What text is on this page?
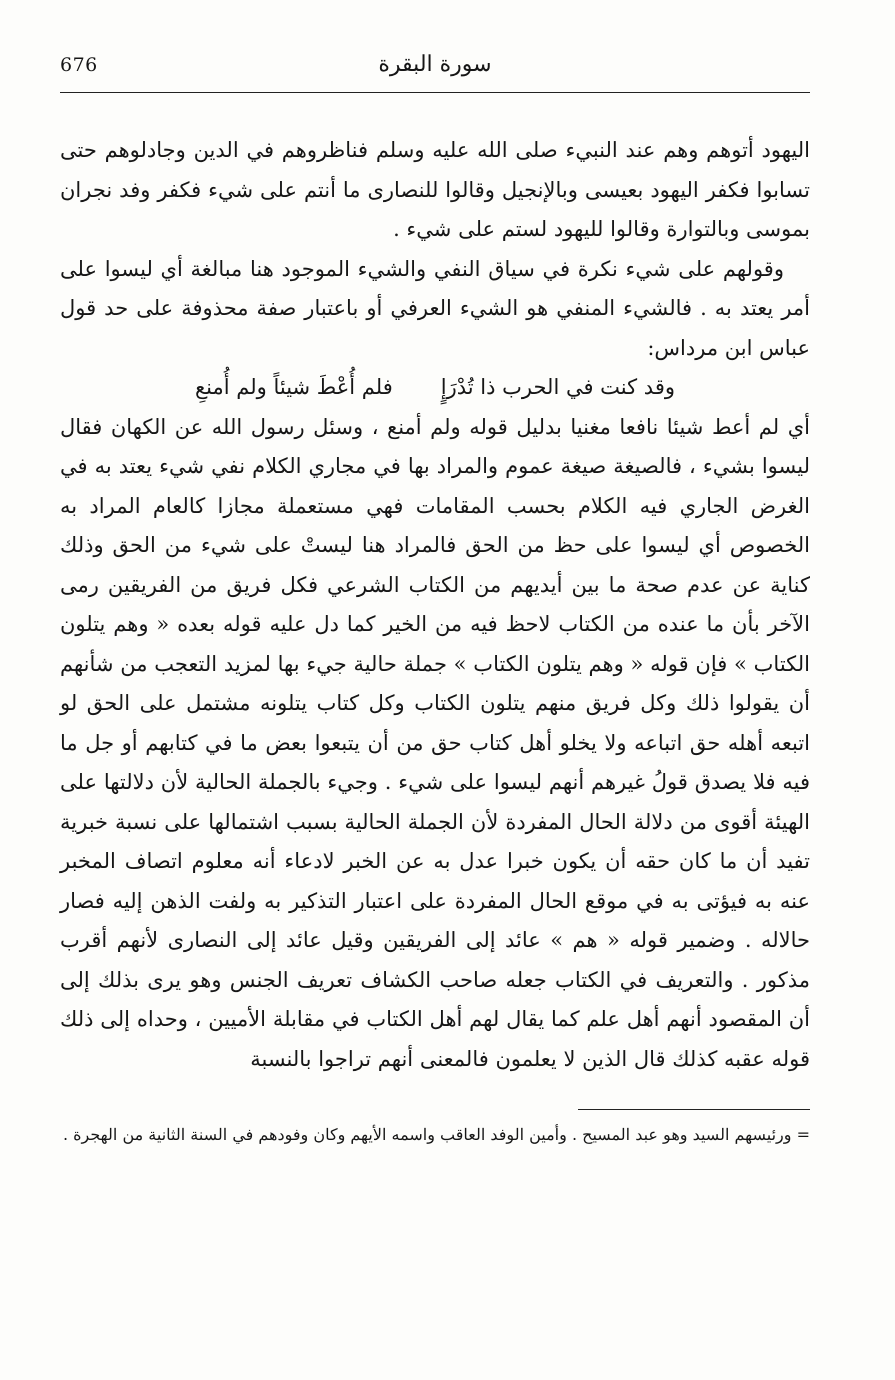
676	سورة البقرة

اليهود أتوهم وهم عند النبيء صلى الله عليه وسلم فناظروهم في الدين وجادلوهم حتى تسابوا فكفر اليهود بعيسى وبالإنجيل وقالوا للنصارى ما أنتم على شيء فكفر وفد نجران بموسى وبالتوارة وقالوا لليهود لستم على شيء .

وقولهم على شيء نكرة في سياق النفي والشيء الموجود هنا مبالغة أي ليسوا على أمر يعتد به . فالشيء المنفي هو الشيء العرفي أو باعتبار صفة محذوفة على حد قول عباس ابن مرداس:

وقد كنت في الحرب ذا تُدْرَإٍ
فلم أُعْطَ شيئاً ولم أُمنعِ

أي لم أعط شيئا نافعا مغنيا بدليل قوله ولم أمنع ، وسئل رسول الله عن الكهان فقال ليسوا بشيء ، فالصيغة صيغة عموم والمراد بها في مجاري الكلام نفي شيء يعتد به في الغرض الجاري فيه الكلام بحسب المقامات فهي مستعملة مجازا كالعام المراد به الخصوص أي ليسوا على حظ من الحق فالمراد هنا ليستْ على شيء من الحق وذلك كناية عن عدم صحة ما بين أيديهم من الكتاب الشرعي فكل فريق من الفريقين رمى الآخر بأن ما عنده من الكتاب لاحظ فيه من الخير كما دل عليه قوله بعده « وهم يتلون الكتاب » فإن قوله « وهم يتلون الكتاب » جملة حالية جيء بها لمزيد التعجب من شأنهم أن يقولوا ذلك وكل فريق منهم يتلون الكتاب وكل كتاب يتلونه مشتمل على الحق لو اتبعه أهله حق اتباعه ولا يخلو أهل كتاب حق من أن يتبعوا بعض ما في كتابهم أو جل ما فيه فلا يصدق قولُ غيرهم أنهم ليسوا على شيء . وجيء بالجملة الحالية لأن دلالتها على الهيئة أقوى من دلالة الحال المفردة لأن الجملة الحالية بسبب اشتمالها على نسبة خبرية تفيد أن ما كان حقه أن يكون خبرا عدل به عن الخبر لادعاء أنه معلوم اتصاف المخبر عنه به فيؤتى به في موقع الحال المفردة على اعتبار التذكير به ولفت الذهن إليه فصار حالاله . وضمير قوله « هم » عائد إلى الفريقين وقيل عائد إلى النصارى لأنهم أقرب مذكور . والتعريف في الكتاب جعله صاحب الكشاف تعريف الجنس وهو يرى بذلك إلى أن المقصود أنهم أهل علم كما يقال لهم أهل الكتاب في مقابلة الأميين ، وحداه إلى ذلك قوله عقبه كذلك قال الذين لا يعلمون فالمعنى أنهم تراجوا بالنسبة

= ورئيسهم السيد وهو عبد المسيح . وأمين الوفد العاقب واسمه الأيهم وكان وفودهم في السنة الثانية من الهجرة .
